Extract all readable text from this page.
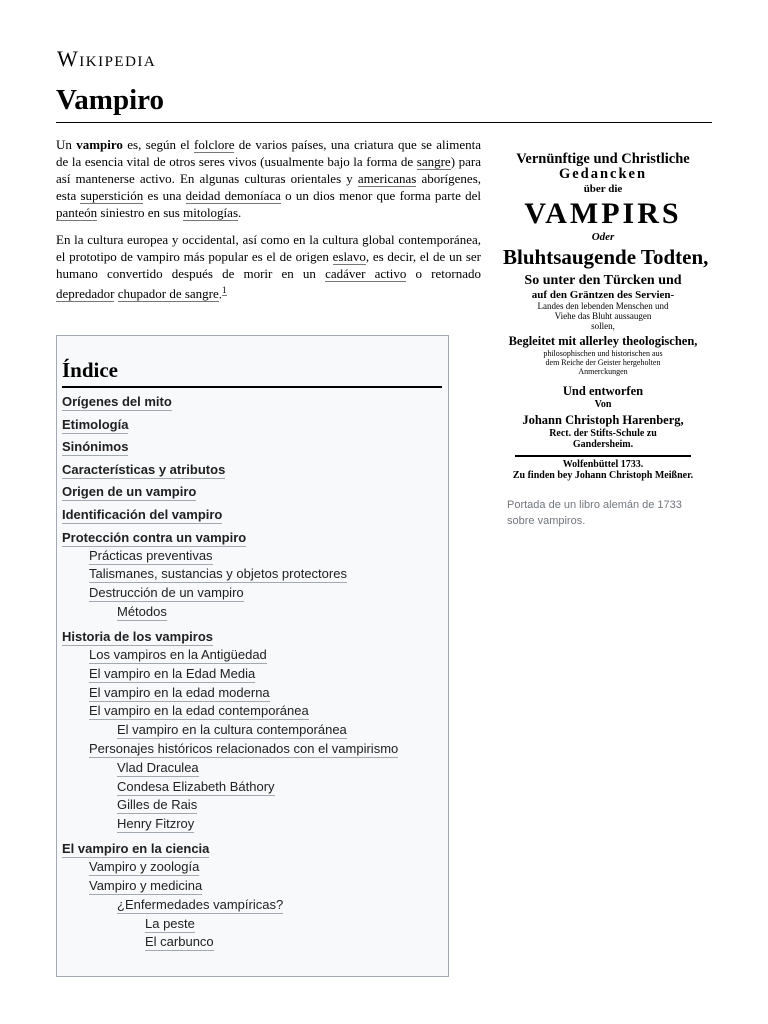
Wikipedia
Vampiro

Un vampiro es, según el folclore de varios países, una criatura que se alimenta de la esencia vital de otros seres vivos (usualmente bajo la forma de sangre) para así mantenerse activo. En algunas culturas orientales y americanas aborígenes, esta superstición es una deidad demoníaca o un dios menor que forma parte del panteón siniestro en sus mitologías.

En la cultura europea y occidental, así como en la cultura global contemporánea, el prototipo de vampiro más popular es el de origen eslavo, es decir, el de un ser humano convertido después de morir en un cadáver activo o retornado depredador chupador de sangre.$^1$

Vernünftige und Christliche
Gedancken
über die
VAMPIRS
Oder
Bluhtsaugende Todten,
So unter den Türcken und
auf den Gräntzen des Servien-
Landes den lebenden Menschen und
Viehe das Bluht aussaugen
sollen,
Begleitet mit allerley theologischen,
philosophischen und historischen aus
dem Reiche der Geister hergeholten
Anmerckungen
Und entworfen
Von
Johann Christoph Harenberg,
Rect. der Stifts-Schule zu
Gandersheim.
Wolfenbüttel 1733.
Zu finden bey Johann Christoph Meißner.
Portada de un libro alemán de 1733 sobre vampiros.
Índice
Orígenes del mito
Etimología
Sinónimos
Características y atributos
Origen de un vampiro
Identificación del vampiro
Protección contra un vampiro
Prácticas preventivas
Talismanes, sustancias y objetos protectores
Destrucción de un vampiro
Métodos
Historia de los vampiros
Los vampiros en la Antigüedad
El vampiro en la Edad Media
El vampiro en la edad moderna
El vampiro en la edad contemporánea
El vampiro en la cultura contemporánea
Personajes históricos relacionados con el vampirismo
Vlad Draculea
Condesa Elizabeth Báthory
Gilles de Rais
Henry Fitzroy
El vampiro en la ciencia
Vampiro y zoología
Vampiro y medicina
¿Enfermedades vampíricas?
La peste
El carbunco
